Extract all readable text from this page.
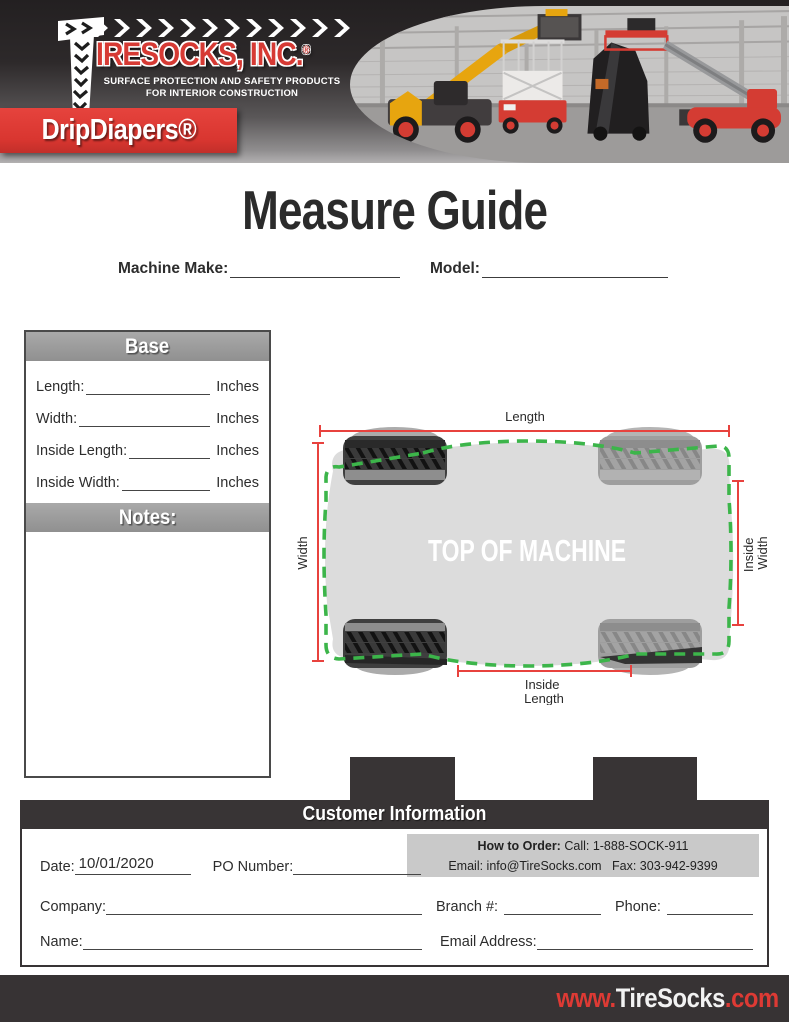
IRESOCKS, INC.®
SURFACE PROTECTION AND SAFETY PRODUCTS
FOR INTERIOR CONSTRUCTION
DripDiapers®
Measure Guide
Machine Make:	Model:
Base
Length:	Inches
Width:	Inches
Inside Length:	Inches
Inside Width:	Inches
Notes:
Length
Width	Inside Width
Inside Length
TOP OF MACHINE
Customer Information
How to Order: Call: 1-888-SOCK-911
Email: info@TireSocks.com Fax: 303-942-9399
Date: 10/01/2020	PO Number:
Company:	Branch #:	Phone:
Name:	Email Address:
www.TireSocks.com
